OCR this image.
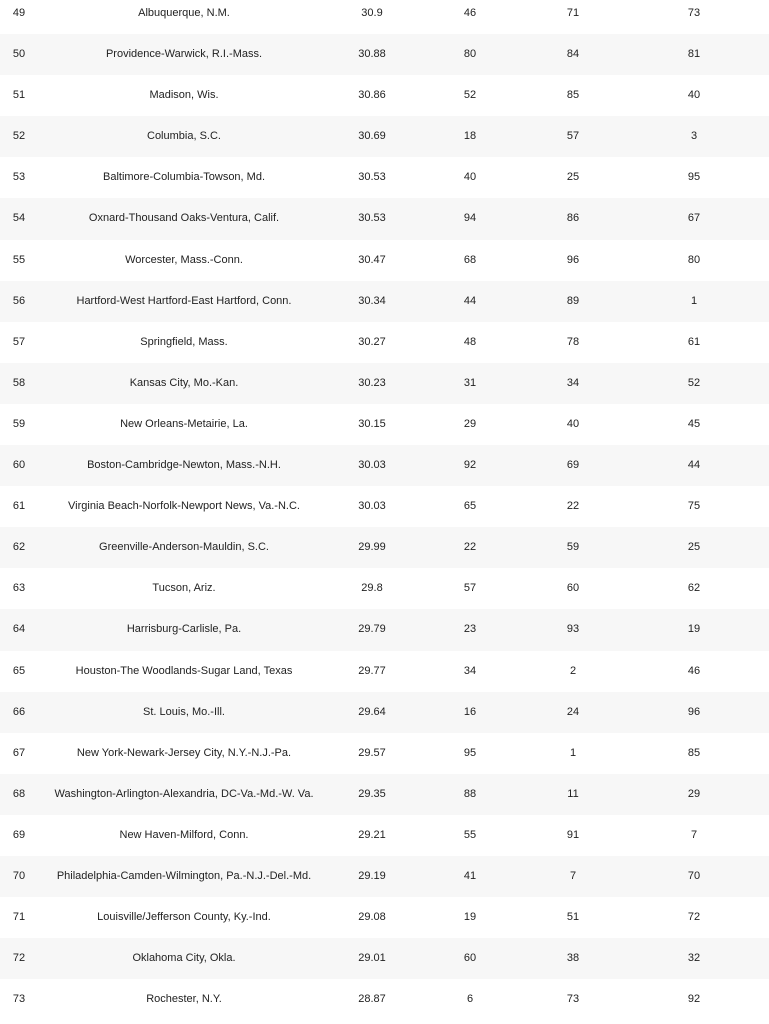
49	Albuquerque, N.M.	30.9	46	71	73
50	Providence-Warwick, R.I.-Mass.	30.88	80	84	81
51	Madison, Wis.	30.86	52	85	40
52	Columbia, S.C.	30.69	18	57	3
53	Baltimore-Columbia-Towson, Md.	30.53	40	25	95
54	Oxnard-Thousand Oaks-Ventura, Calif.	30.53	94	86	67
55	Worcester, Mass.-Conn.	30.47	68	96	80
56	Hartford-West Hartford-East Hartford, Conn.	30.34	44	89	1
57	Springfield, Mass.	30.27	48	78	61
58	Kansas City, Mo.-Kan.	30.23	31	34	52
59	New Orleans-Metairie, La.	30.15	29	40	45
60	Boston-Cambridge-Newton, Mass.-N.H.	30.03	92	69	44
61	Virginia Beach-Norfolk-Newport News, Va.-N.C.	30.03	65	22	75
62	Greenville-Anderson-Mauldin, S.C.	29.99	22	59	25
63	Tucson, Ariz.	29.8	57	60	62
64	Harrisburg-Carlisle, Pa.	29.79	23	93	19
65	Houston-The Woodlands-Sugar Land, Texas	29.77	34	2	46
66	St. Louis, Mo.-Ill.	29.64	16	24	96
67	New York-Newark-Jersey City, N.Y.-N.J.-Pa.	29.57	95	1	85
68	Washington-Arlington-Alexandria, DC-Va.-Md.-W. Va.	29.35	88	11	29
69	New Haven-Milford, Conn.	29.21	55	91	7
70	Philadelphia-Camden-Wilmington, Pa.-N.J.-Del.-Md.	29.19	41	7	70
71	Louisville/Jefferson County, Ky.-Ind.	29.08	19	51	72
72	Oklahoma City, Okla.	29.01	60	38	32
73	Rochester, N.Y.	28.87	6	73	92
